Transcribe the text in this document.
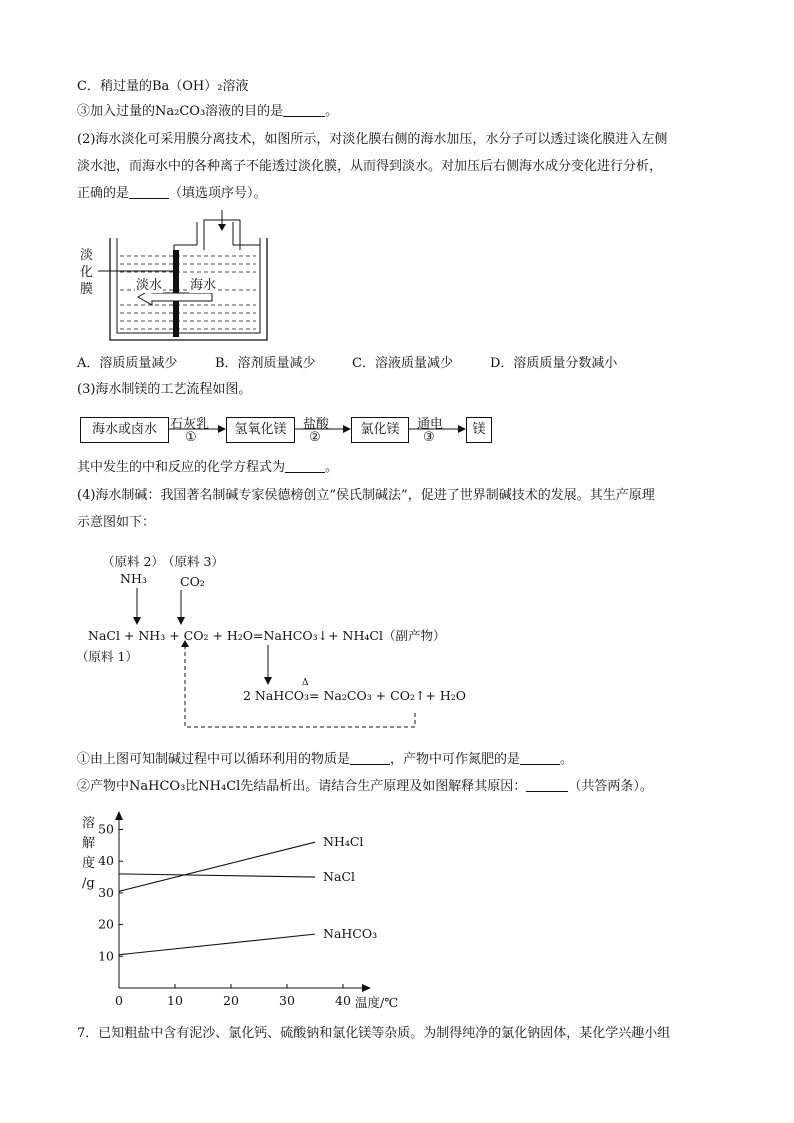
C．稍过量的Ba（OH）₂溶液
③加入过量的Na₂CO₃溶液的目的是	。
(2)海水淡化可采用膜分离技术，如图所示，对淡化膜右侧的海水加压，水分子可以透过谈化膜进入左侧
淡水池，而海水中的各种离子不能透过淡化膜，从而得到淡水。对加压后右侧海水成分变化进行分析，
正确的是	（填选项序号）。
淡
化
膜	淡水 海水
A．溶质质量减少	B．溶剂质量减少	C．溶液质量减少	D．溶质质量分数减小
(3)海水制镁的工艺流程如图。
海水或卤水	氢氧化镁	氯化镁	镁
石灰乳
①
盐酸
②
通电
③
其中发生的中和反应的化学方程式为	。
(4)海水制碱：我国著名制碱专家侯德榜创立“侯氏制碱法”，促进了世界制碱技术的发展。其生产原理
示意图如下：
（原料 2）
（原料 3）
NH₃	CO₂
NaCl + NH₃ + CO₂ + H₂O=NaHCO₃↓+ NH₄Cl（副产物）
（原料 1）
Δ
2 NaHCO₃= Na₂CO₃ + CO₂↑+ H₂O
①由上图可知制碱过程中可以循环利用的物质是	，产物中可作氮肥的是	。
②产物中NaHCO₃比NH₄Cl先结晶析出。请结合生产原理及如图解释其原因：	（共答两条）。
溶
解
度
/g
10
20
30
40
50
0	10	20	30	40
NH₄Cl
NaCl
NaHCO₃
温度/℃
7．已知粗盐中含有泥沙、氯化钙、硫酸钠和氯化镁等杂质。为制得纯净的氯化钠固体，某化学兴趣小组
